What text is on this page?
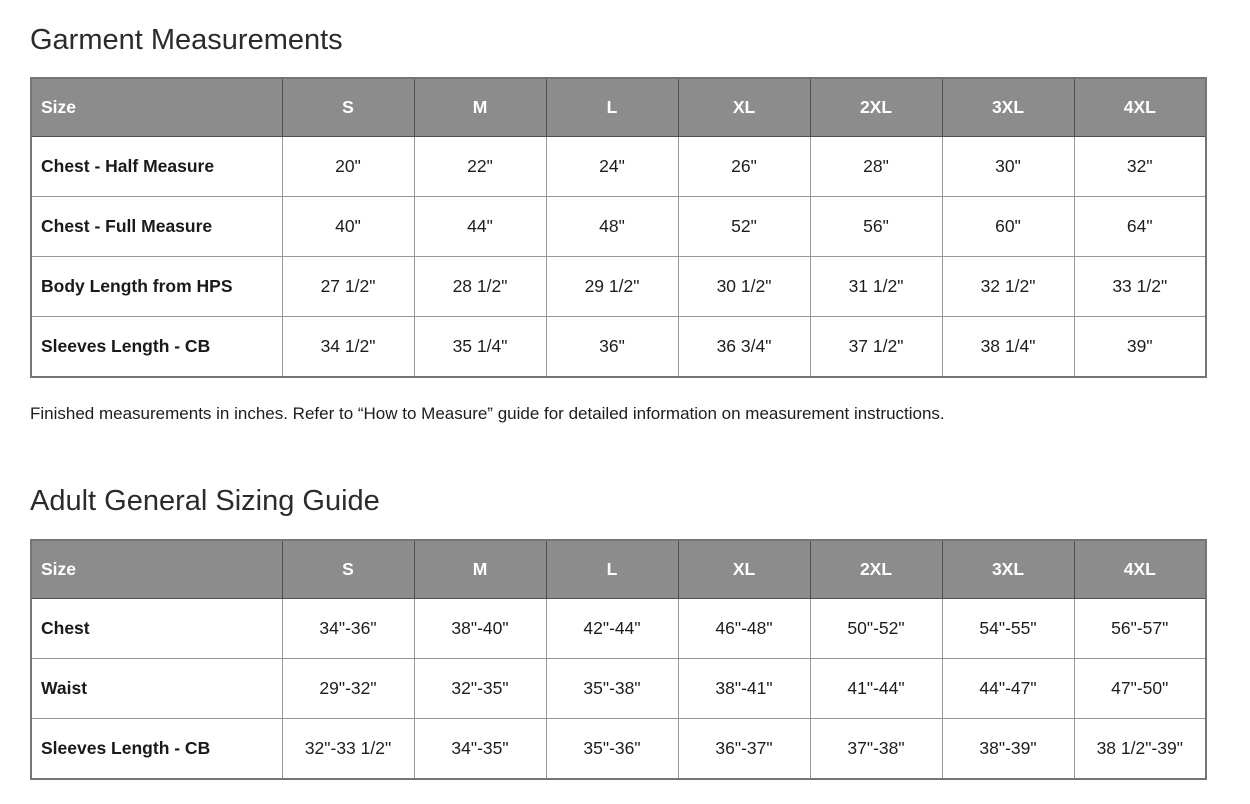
Garment Measurements
Size	S	M	L	XL	2XL	3XL	4XL
Chest - Half Measure	20"	22"	24"	26"	28"	30"	32"
Chest - Full Measure	40"	44"	48"	52"	56"	60"	64"
Body Length from HPS	27 1/2"	28 1/2"	29 1/2"	30 1/2"	31 1/2"	32 1/2"	33 1/2"
Sleeves Length - CB	34 1/2"	35 1/4"	36"	36 3/4"	37 1/2"	38 1/4"	39"

Finished measurements in inches. Refer to “How to Measure” guide for detailed information on measurement instructions.

Adult General Sizing Guide
Size	S	M	L	XL	2XL	3XL	4XL
Chest	34"-36"	38"-40"	42"-44"	46"-48"	50"-52"	54"-55"	56"-57"
Waist	29"-32"	32"-35"	35"-38"	38"-41"	41"-44"	44"-47"	47"-50"
Sleeves Length - CB	32"-33 1/2"	34"-35"	35"-36"	36"-37"	37"-38"	38"-39"	38 1/2"-39"
